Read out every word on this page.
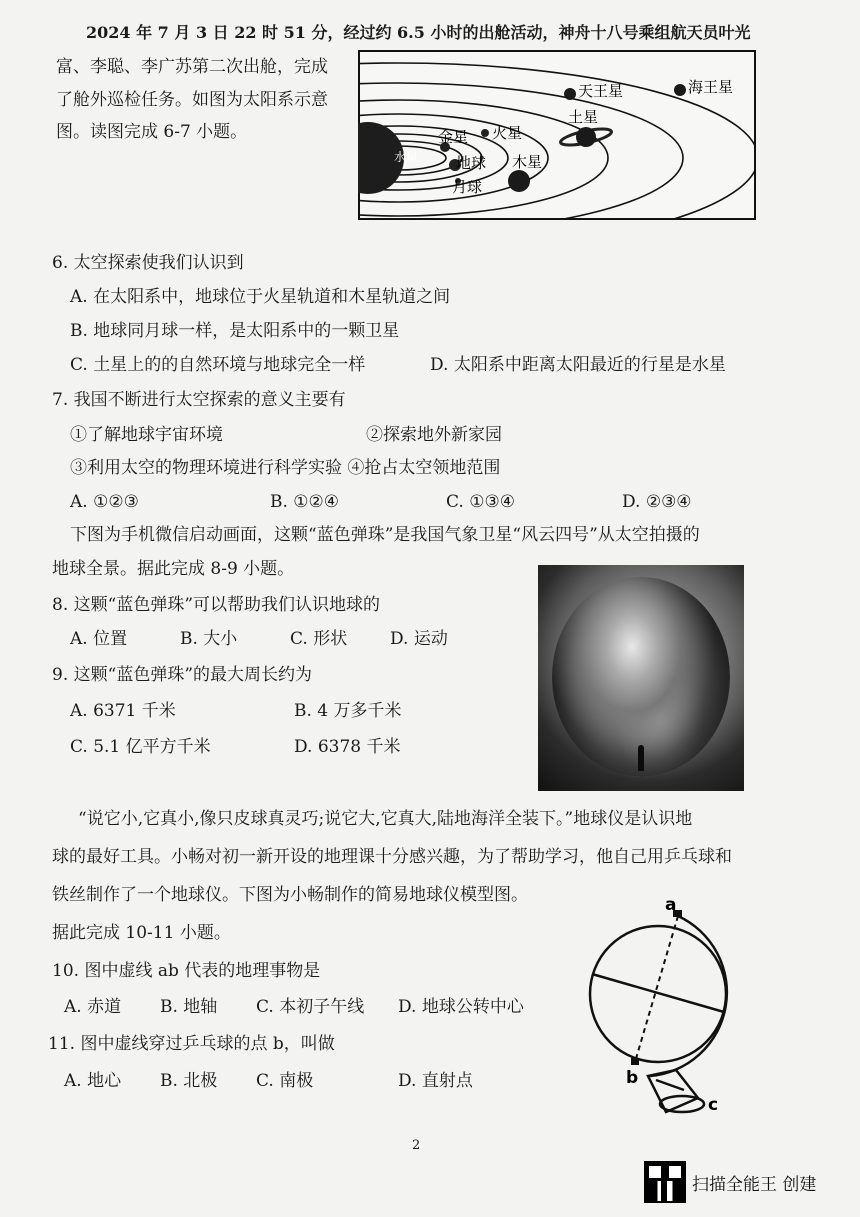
2024 年 7 月 3 日 22 时 51 分，经过约 6.5 小时的出舱活动，神舟十八号乘组航天员叶光
富、李聪、李广苏第二次出舱，完成
了舱外巡检任务。如图为太阳系示意
图。读图完成 6-7 小题。
水星
金星 火星
地球
月球
木星
土星
天王星	海王星
6. 太空探索使我们认识到
A. 在太阳系中，地球位于火星轨道和木星轨道之间
B. 地球同月球一样，是太阳系中的一颗卫星
C. 土星上的的自然环境与地球完全一样	D. 太阳系中距离太阳最近的行星是水星
7. 我国不断进行太空探索的意义主要有
①了解地球宇宙环境	②探索地外新家园
③利用太空的物理环境进行科学实验 ④抢占太空领地范围
A. ①②③	B. ①②④	C. ①③④	D. ②③④
下图为手机微信启动画面，这颗“蓝色弹珠”是我国气象卫星“风云四号”从太空拍摄的
地球全景。据此完成 8-9 小题。
8. 这颗“蓝色弹珠”可以帮助我们认识地球的
A. 位置	B. 大小	C. 形状	D. 运动
9. 这颗“蓝色弹珠”的最大周长约为
A. 6371 千米	B. 4 万多千米
C. 5.1 亿平方千米	D. 6378 千米
“说它小,它真小,像只皮球真灵巧;说它大,它真大,陆地海洋全装下。”地球仪是认识地
球的最好工具。小畅对初一新开设的地理课十分感兴趣，为了帮助学习，他自己用乒乓球和
铁丝制作了一个地球仪。下图为小畅制作的简易地球仪模型图。
据此完成 10-11 小题。
a
b
c
10. 图中虚线 ab 代表的地理事物是
A. 赤道 B. 地轴 C. 本初子午线 D. 地球公转中心
11. 图中虚线穿过乒乓球的点 b，叫做
A. 地心 B. 北极 C. 南极	D. 直射点
2
扫描全能王 创建
